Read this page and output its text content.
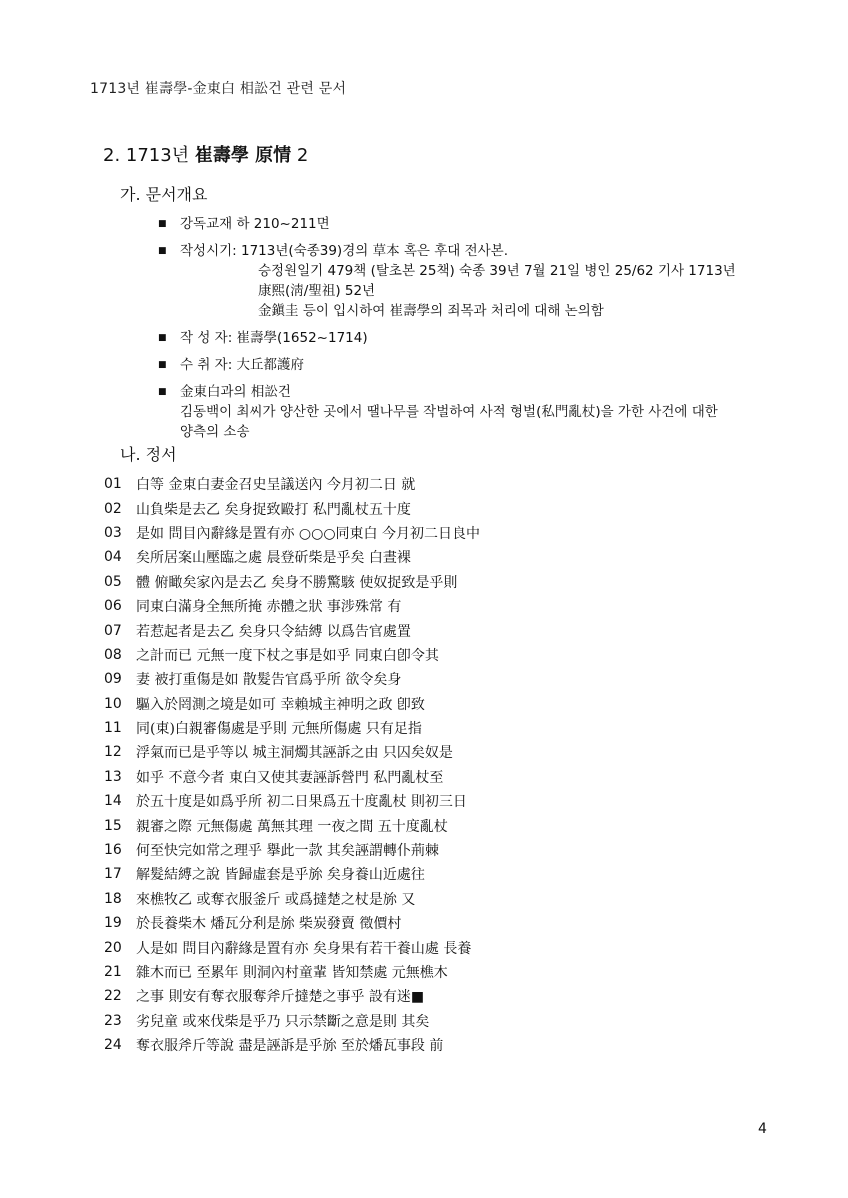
1713년 崔壽學-金東白 相訟건 관련 문서
2. 1713년 崔壽學 原情 2
가. 문서개요
■ 강독교재 하 210~211면
■ 작성시기: 1713년(숙종39)경의 草本 혹은 후대 전사본.
승정원일기 479책 (탈초본 25책) 숙종 39년 7월 21일 병인 25/62 기사 1713년
康熙(淸/聖祖) 52년
金鎭圭 등이 입시하여 崔壽學의 죄목과 처리에 대해 논의함
■ 작 성 자: 崔壽學(1652~1714)
■ 수 취 자: 大丘都護府
■ 金東白과의 相訟건
김동백이 최씨가 양산한 곳에서 땔나무를 작벌하여 사적 형벌(私門亂杖)을 가한 사건에 대한
양측의 소송
나. 정서
01	白等 金東白妻金召史呈議送內 今月初二日 就
02	山負柴是去乙 矣身捉致毆打 私門亂杖五十度
03	是如 問目內辭緣是置有亦 ○○○同東白 今月初二日良中
04	矣所居案山壓臨之處 晨登斫柴是乎矣 白晝裸
05	體 俯瞰矣家內是去乙 矣身不勝驚駭 使奴捉致是乎則
06	同東白滿身全無所掩 赤體之狀 事涉殊常 有
07	若惹起者是去乙 矣身只令結縛 以爲告官處置
08	之計而已 元無一度下杖之事是如乎 同東白卽令其
09	妻 被打重傷是如 散髮告官爲乎所 欲令矣身
10	驅入於罔測之境是如可 幸賴城主神明之政 卽致
11	同(東)白親審傷處是乎則 元無所傷處 只有足指
12	浮氣而已是乎等以 城主洞燭其誣訴之由 只囚矣奴是
13	如乎 不意今者 東白又使其妻誣訴營門 私門亂杖至
14	於五十度是如爲乎所 初二日果爲五十度亂杖 則初三日
15	親審之際 元無傷處 萬無其理 一夜之間 五十度亂杖
16	何至快完如常之理乎 擧此一款 其矣誣謂轉仆荊棘
17	解髮結縛之說 皆歸虛套是乎旀 矣身養山近處往
18	來樵牧乙 或奪衣服釜斤 或爲撻楚之杖是旀 又
19	於長養柴木 燔瓦分利是旀 柴炭發賣 徵價村
20	人是如 問目內辭緣是置有亦 矣身果有若干養山處 長養
21	雜木而已 至累年 則洞內村童輩 皆知禁處 元無樵木
22	之事 則安有奪衣服奪斧斤撻楚之事乎 設有迷■
23	劣兒童 或來伐柴是乎乃 只示禁斷之意是則 其矣
24	奪衣服斧斤等說 盡是誣訴是乎旀 至於燔瓦事段 前
4
